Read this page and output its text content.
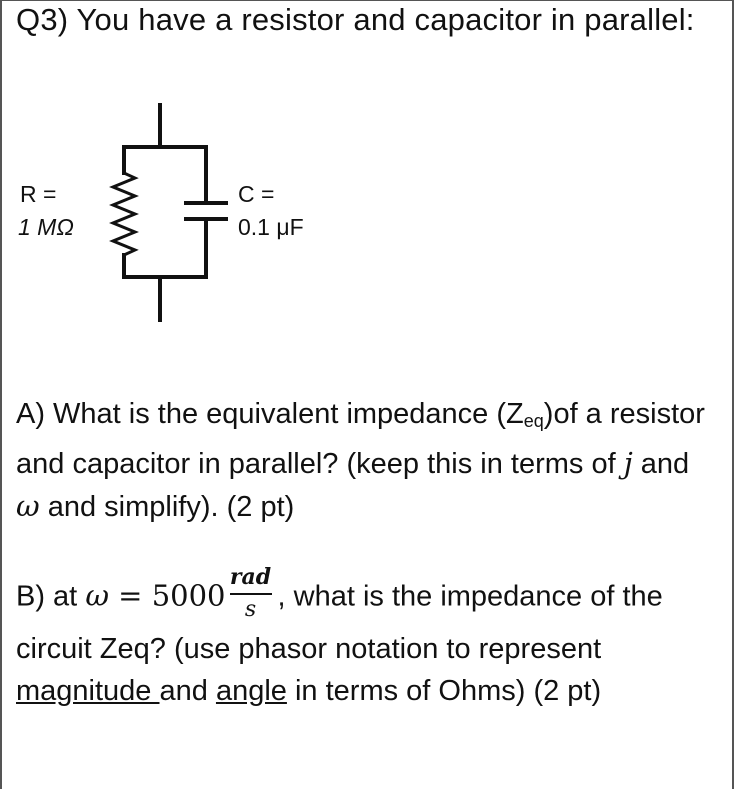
Q3) You have a resistor and capacitor in parallel:
R =
1 MΩ
C =
0.1 μF
A) What is the equivalent impedance $(Z_{eq})of$ a resistor and capacitor in parallel? (keep this in terms of j and ω and simplify). (2 pt)
B) at $\omega = 5000 \frac{\text{rad}}{s}$ , what is the impedance of the circuit Zeq? (use phasor notation to represent magnitude and angle in terms of Ohms) (2 pt)
